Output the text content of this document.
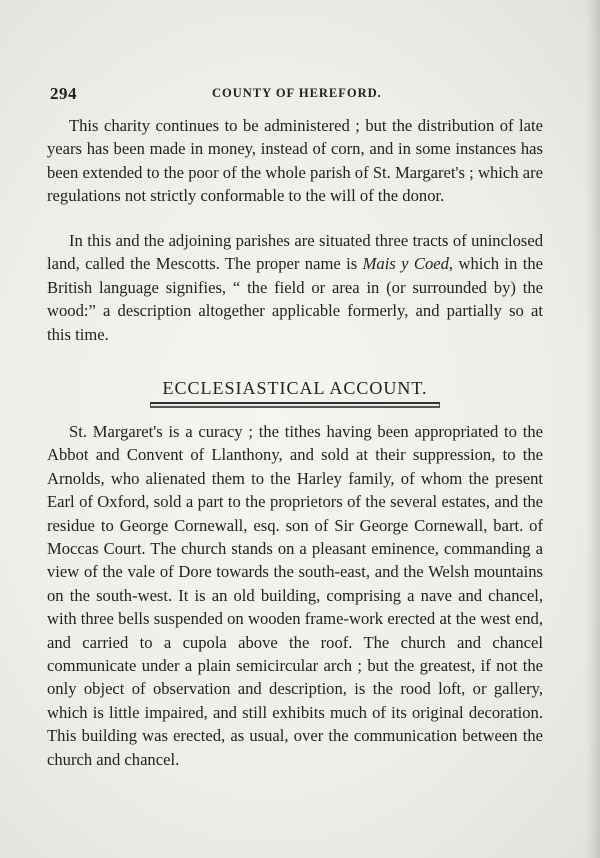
294	COUNTY OF HEREFORD.

This charity continues to be administered ; but the distribution of late years has been made in money, instead of corn, and in some instances has been extended to the poor of the whole parish of St. Margaret's ; which are regulations not strictly conformable to the will of the donor.

In this and the adjoining parishes are situated three tracts of uninclosed land, called the Mescotts. The proper name is Mais y Coed, which in the British language signifies, “ the field or area in (or surrounded by) the wood:” a description altogether applicable formerly, and partially so at this time.

ECCLESIASTICAL ACCOUNT.

St. Margaret's is a curacy ; the tithes having been appropriated to the Abbot and Convent of Llanthony, and sold at their suppression, to the Arnolds, who alienated them to the Harley family, of whom the present Earl of Oxford, sold a part to the proprietors of the several estates, and the residue to George Cornewall, esq. son of Sir George Cornewall, bart. of Moccas Court. The church stands on a pleasant eminence, commanding a view of the vale of Dore towards the south-east, and the Welsh mountains on the south-west. It is an old building, comprising a nave and chancel, with three bells suspended on wooden frame-work erected at the west end, and carried to a cupola above the roof. The church and chancel communicate under a plain semicircular arch ; but the greatest, if not the only object of observation and description, is the rood loft, or gallery, which is little impaired, and still exhibits much of its original decoration. This building was erected, as usual, over the communication between the church and chancel.
